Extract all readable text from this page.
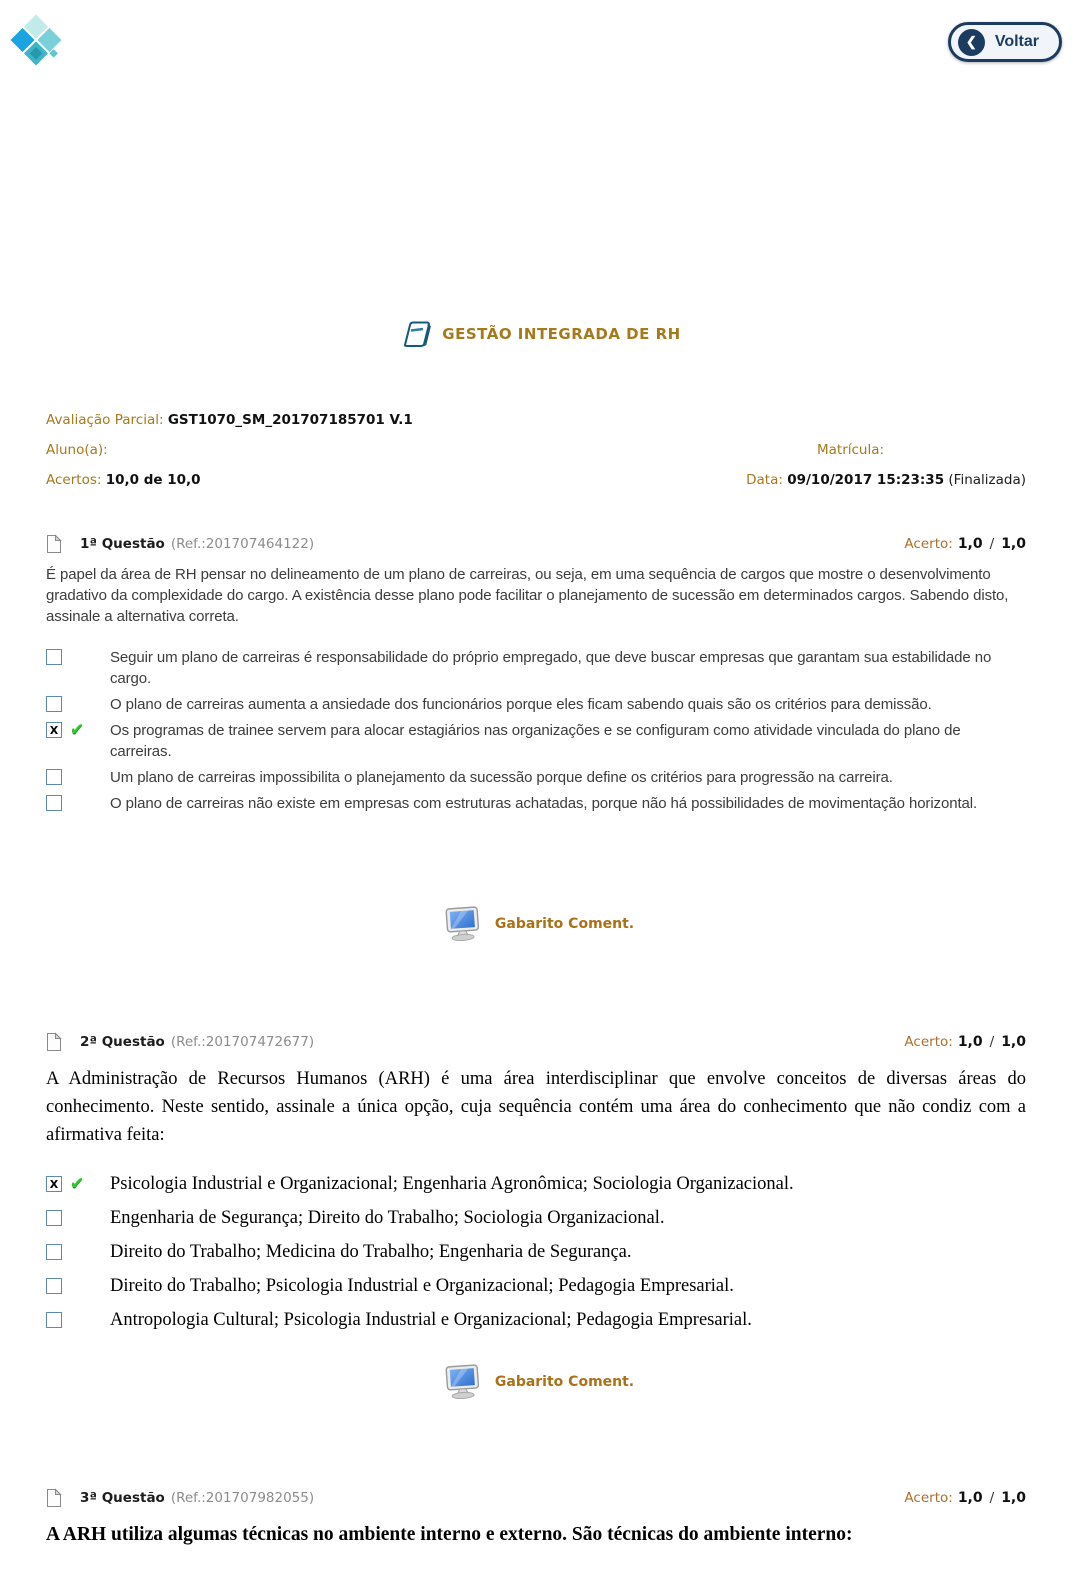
❮	Voltar
GESTÃO INTEGRADA DE RH
Avaliação Parcial: GST1070_SM_201707185701 V.1
Aluno(a):	Matrícula:
Acertos: 10,0 de 10,0	Data: 09/10/2017 15:23:35 (Finalizada)
1ª Questão (Ref.:201707464122)	Acerto: 1,0 / 1,0

É papel da área de RH pensar no delineamento de um plano de carreiras, ou seja, em uma sequência de cargos que mostre o desenvolvimento gradativo da complexidade do cargo. A existência desse plano pode facilitar o planejamento de sucessão em determinados cargos. Sabendo disto, assinale a alternativa correta.

Seguir um plano de carreiras é responsabilidade do próprio empregado, que deve buscar empresas que garantam sua estabilidade no cargo.
O plano de carreiras aumenta a ansiedade dos funcionários porque eles ficam sabendo quais são os critérios para demissão.
X ✔ Os programas de trainee servem para alocar estagiários nas organizações e se configuram como atividade vinculada do plano de carreiras.
Um plano de carreiras impossibilita o planejamento da sucessão porque define os critérios para progressão na carreira.
O plano de carreiras não existe em empresas com estruturas achatadas, porque não há possibilidades de movimentação horizontal.
Gabarito Coment.
2ª Questão (Ref.:201707472677)	Acerto: 1,0 / 1,0

A Administração de Recursos Humanos (ARH) é uma área interdisciplinar que envolve conceitos de diversas áreas do conhecimento. Neste sentido, assinale a única opção, cuja sequência contém uma área do conhecimento que não condiz com a afirmativa feita:

X ✔ Psicologia Industrial e Organizacional; Engenharia Agronômica; Sociologia Organizacional.
Engenharia de Segurança; Direito do Trabalho; Sociologia Organizacional.
Direito do Trabalho; Medicina do Trabalho; Engenharia de Segurança.
Direito do Trabalho; Psicologia Industrial e Organizacional; Pedagogia Empresarial.
Antropologia Cultural; Psicologia Industrial e Organizacional; Pedagogia Empresarial.
Gabarito Coment.
3ª Questão (Ref.:201707982055)	Acerto: 1,0 / 1,0

A ARH utiliza algumas técnicas no ambiente interno e externo. São técnicas do ambiente interno:
